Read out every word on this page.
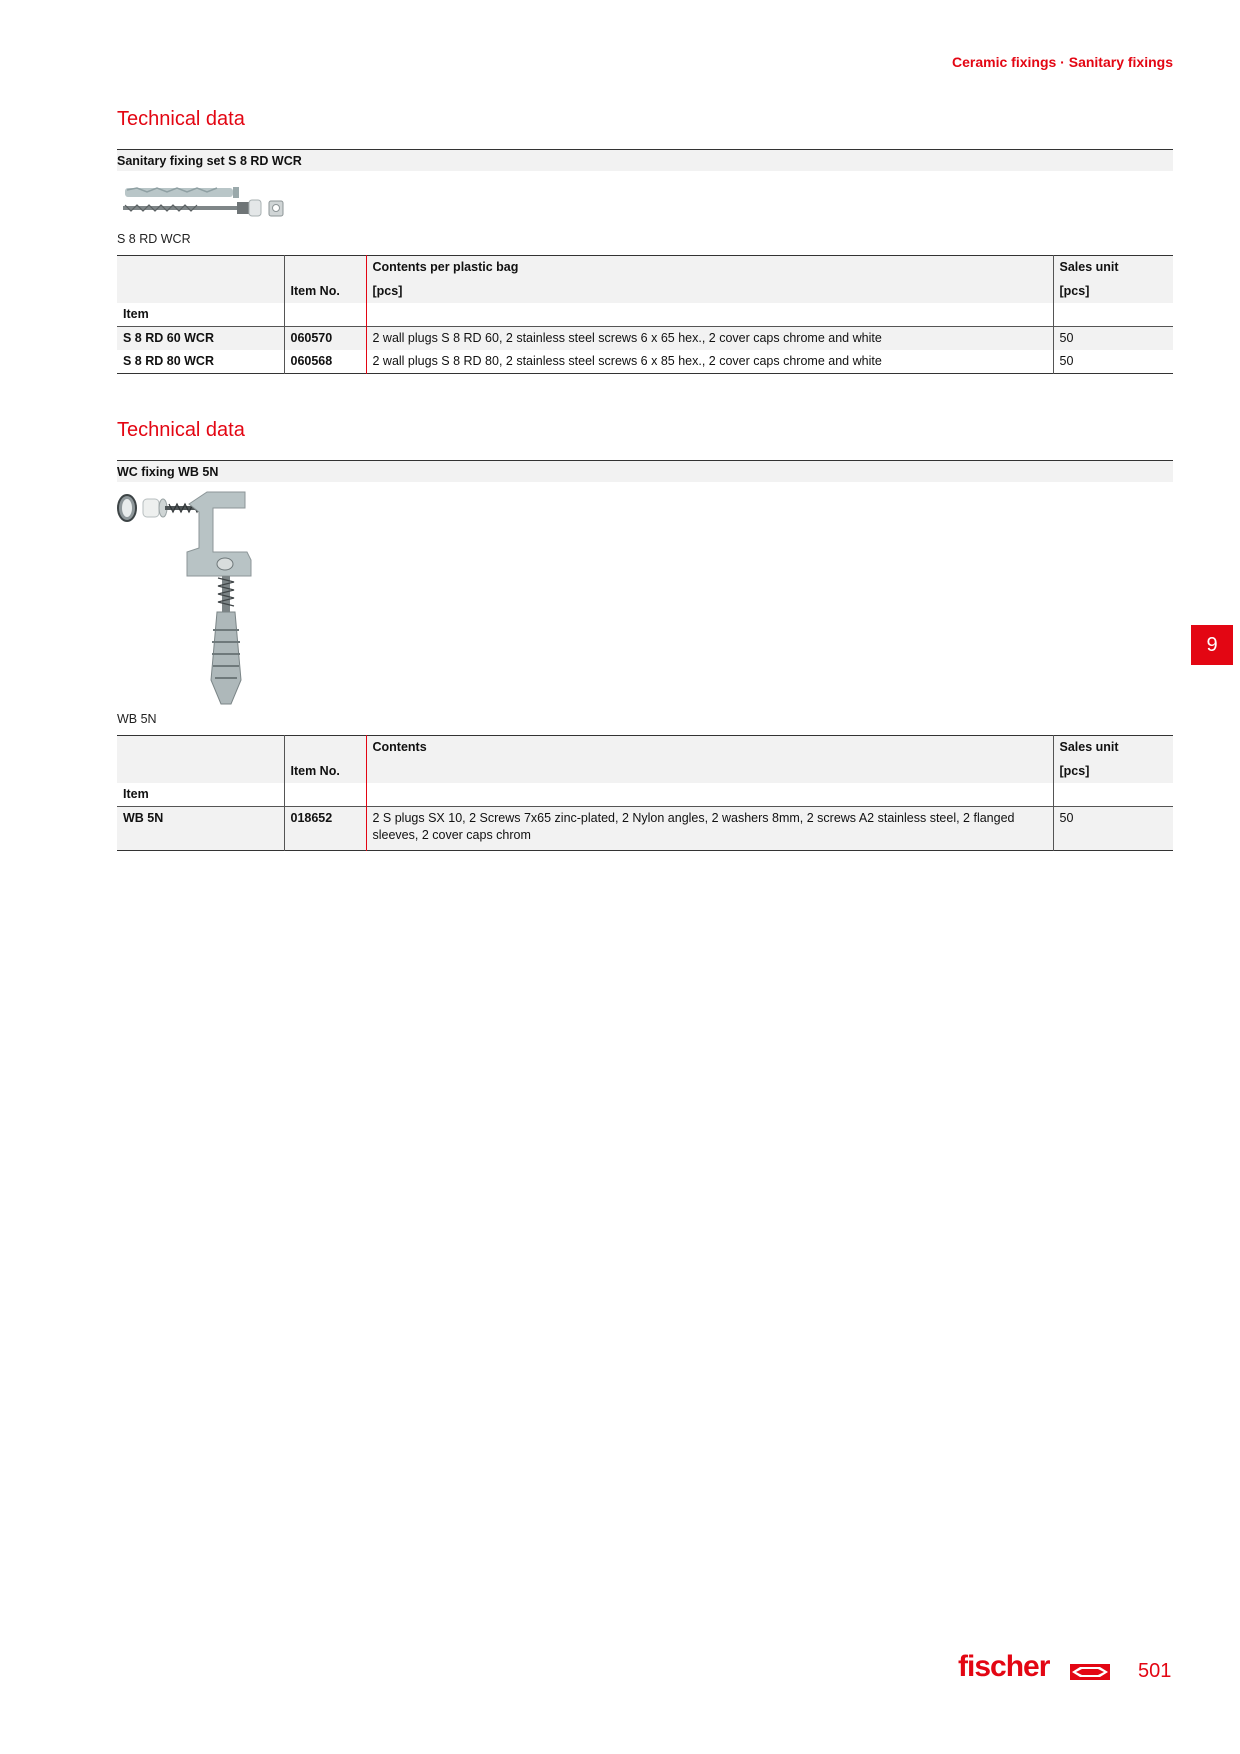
Ceramic fixings · Sanitary fixings
Technical data
Sanitary fixing set S 8 RD WCR
S 8 RD WCR
		Contents per plastic bag	Sales unit
	Item No.	[pcs]	[pcs]
Item			
S 8 RD 60 WCR	060570	2 wall plugs S 8 RD 60, 2 stainless steel screws 6 x 65 hex., 2 cover caps chrome and white	50
S 8 RD 80 WCR	060568	2 wall plugs S 8 RD 80, 2 stainless steel screws 6 x 85 hex., 2 cover caps chrome and white	50
Technical data
WC fixing WB 5N
WB 5N
		Contents	Sales unit
	Item No.		[pcs]
Item			
WB 5N	018652	2 S plugs SX 10, 2 Screws 7x65 zinc-plated, 2 Nylon angles, 2 washers 8mm, 2 screws A2 stainless steel, 2 flanged sleeves, 2 cover caps chrom	50
9
fischer	501
